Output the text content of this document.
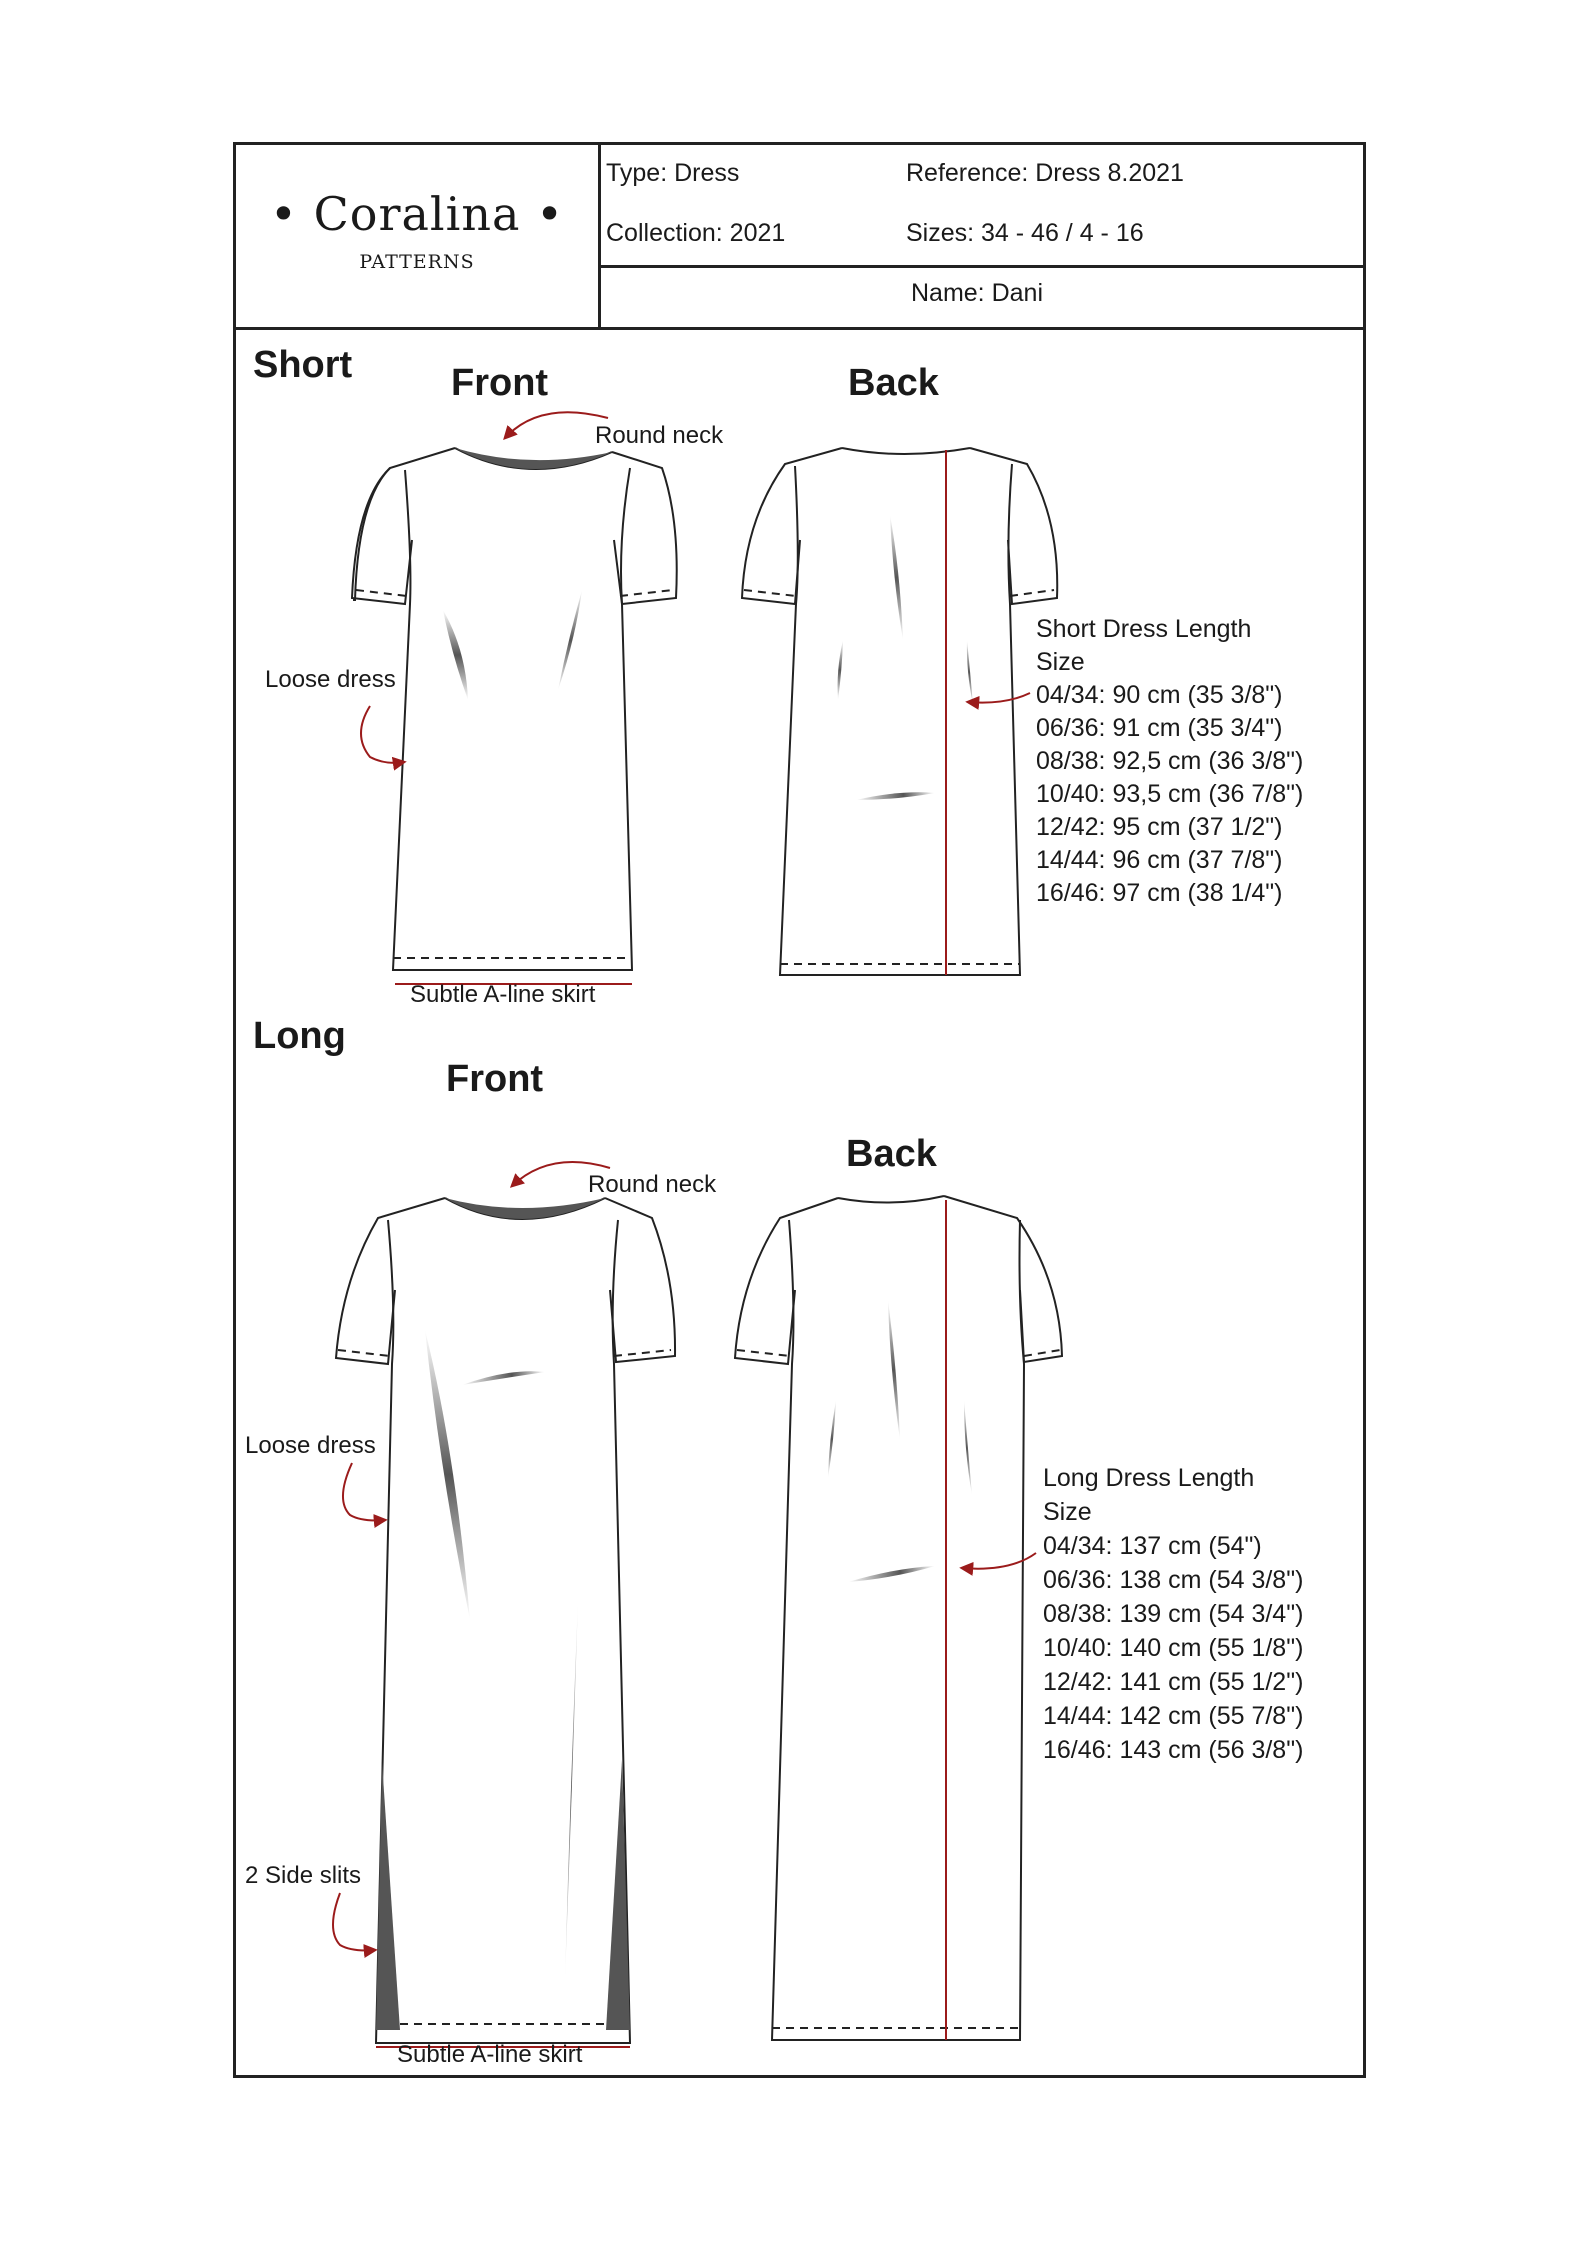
• Coralina •
PATTERNS
Type: Dress	Reference: Dress 8.2021
Collection: 2021	Sizes: 34 - 46 / 4 - 16
Name: Dani
Short	Front	Back
Round neck
Loose dress
Subtle A-line skirt
Short Dress Length
Size
04/34: 90 cm (35 3/8")
06/36: 91 cm (35 3/4")
08/38: 92,5 cm (36 3/8")
10/40: 93,5 cm (36 7/8")
12/42: 95 cm (37 1/2")
14/44: 96 cm (37 7/8")
16/46: 97 cm (38 1/4")
Long
Front
Back
Round neck
Loose dress
2 Side slits
Subtle A-line skirt
Long Dress Length
Size
04/34: 137 cm (54")
06/36: 138 cm (54 3/8")
08/38: 139 cm (54 3/4")
10/40: 140 cm (55 1/8")
12/42: 141 cm (55 1/2")
14/44: 142 cm (55 7/8")
16/46: 143 cm (56 3/8")
